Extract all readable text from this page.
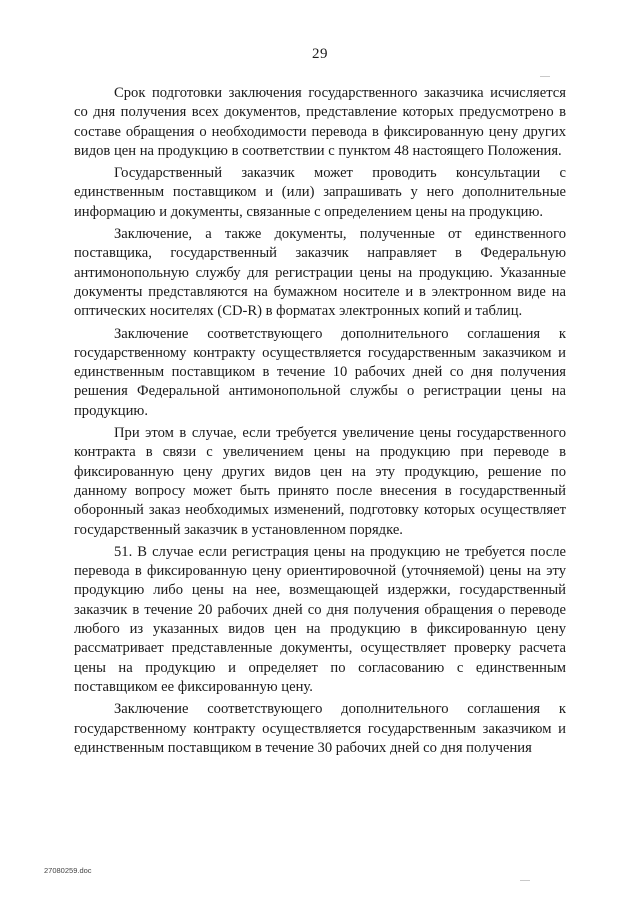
29

Срок подготовки заключения государственного заказчика исчисляется со дня получения всех документов, представление которых предусмотрено в составе обращения о необходимости перевода в фиксированную цену других видов цен на продукцию в соответствии с пунктом 48 настоящего Положения.

Государственный заказчик может проводить консультации с единственным поставщиком и (или) запрашивать у него дополнительные информацию и документы, связанные с определением цены на продукцию.

Заключение, а также документы, полученные от единственного поставщика, государственный заказчик направляет в Федеральную антимонопольную службу для регистрации цены на продукцию. Указанные документы представляются на бумажном носителе и в электронном виде на оптических носителях (CD-R) в форматах электронных копий и таблиц.

Заключение соответствующего дополнительного соглашения к государственному контракту осуществляется государственным заказчиком и единственным поставщиком в течение 10 рабочих дней со дня получения решения Федеральной антимонопольной службы о регистрации цены на продукцию.

При этом в случае, если требуется увеличение цены государственного контракта в связи с увеличением цены на продукцию при переводе в фиксированную цену других видов цен на эту продукцию, решение по данному вопросу может быть принято после внесения в государственный оборонный заказ необходимых изменений, подготовку которых осуществляет государственный заказчик в установленном порядке.

51. В случае если регистрация цены на продукцию не требуется после перевода в фиксированную цену ориентировочной (уточняемой) цены на эту продукцию либо цены на нее, возмещающей издержки, государственный заказчик в течение 20 рабочих дней со дня получения обращения о переводе любого из указанных видов цен на продукцию в фиксированную цену рассматривает представленные документы, осуществляет проверку расчета цены на продукцию и определяет по согласованию с единственным поставщиком ее фиксированную цену.

Заключение соответствующего дополнительного соглашения к государственному контракту осуществляется государственным заказчиком и единственным поставщиком в течение 30 рабочих дней со дня получения

27080259.doc
